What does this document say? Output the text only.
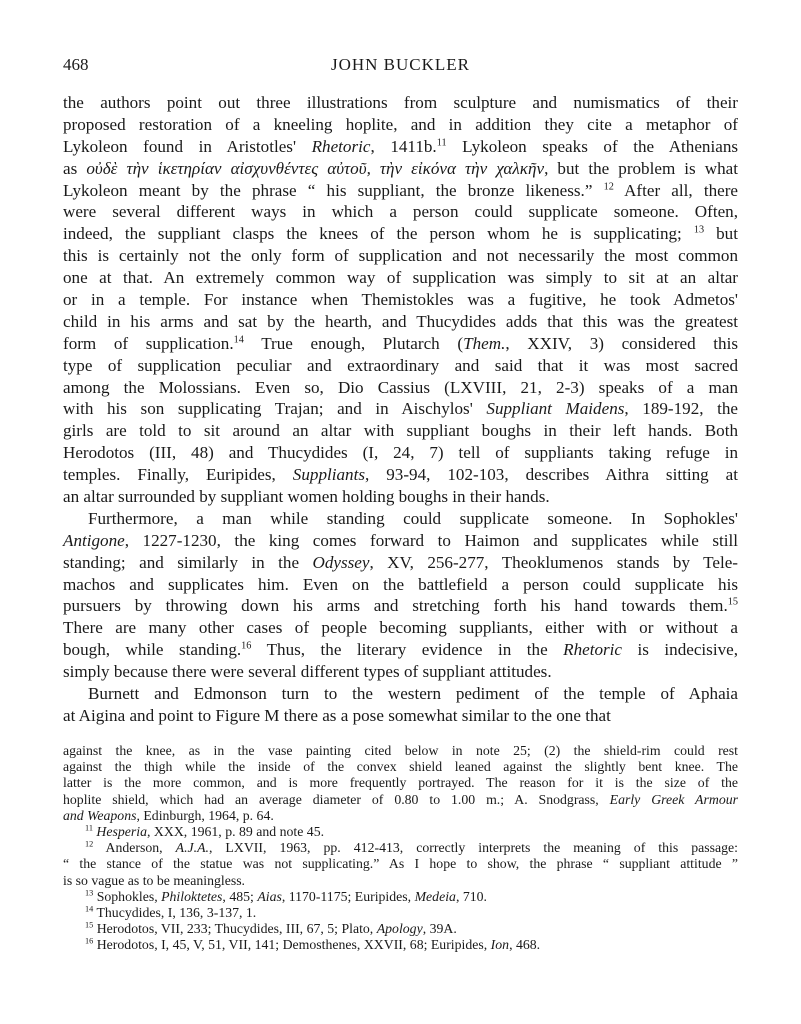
468	JOHN BUCKLER
the authors point out three illustrations from sculpture and numismatics of their
proposed restoration of a kneeling hoplite, and in addition they cite a metaphor of
Lykoleon found in Aristotles' Rhetoric, 1411b.$^{11}$ Lykoleon speaks of the Athenians
as οὐδὲ τὴν ἱκετηρίαν αἰσχυνθέντες αὐτοῦ, τὴν εἰκόνα τὴν χαλκῆν, but the problem is what
Lykoleon meant by the phrase “ his suppliant, the bronze likeness.” $^{12}$ After all, there
were several different ways in which a person could supplicate someone. Often,
indeed, the suppliant clasps the knees of the person whom he is supplicating; $^{13}$ but
this is certainly not the only form of supplication and not necessarily the most common
one at that. An extremely common way of supplication was simply to sit at an altar
or in a temple. For instance when Themistokles was a fugitive, he took Admetos'
child in his arms and sat by the hearth, and Thucydides adds that this was the greatest
form of supplication.$^{14}$ True enough, Plutarch (Them., XXIV, 3) considered this
type of supplication peculiar and extraordinary and said that it was most sacred
among the Molossians. Even so, Dio Cassius (LXVIII, 21, 2-3) speaks of a man
with his son supplicating Trajan; and in Aischylos' Suppliant Maidens, 189-192, the
girls are told to sit around an altar with suppliant boughs in their left hands. Both
Herodotos (III, 48) and Thucydides (I, 24, 7) tell of suppliants taking refuge in
temples. Finally, Euripides, Suppliants, 93-94, 102-103, describes Aithra sitting at
an altar surrounded by suppliant women holding boughs in their hands.
Furthermore, a man while standing could supplicate someone. In Sophokles'
Antigone, 1227-1230, the king comes forward to Haimon and supplicates while still
standing; and similarly in the Odyssey, XV, 256-277, Theoklumenos stands by Tele-
machos and supplicates him. Even on the battlefield a person could supplicate his
pursuers by throwing down his arms and stretching forth his hand towards them.$^{15}$
There are many other cases of people becoming suppliants, either with or without a
bough, while standing.$^{16}$ Thus, the literary evidence in the Rhetoric is indecisive,
simply because there were several different types of suppliant attitudes.
Burnett and Edmonson turn to the western pediment of the temple of Aphaia
at Aigina and point to Figure M there as a pose somewhat similar to the one that
against the knee, as in the vase painting cited below in note 25; (2) the shield-rim could rest
against the thigh while the inside of the convex shield leaned against the slightly bent knee. The
latter is the more common, and is more frequently portrayed. The reason for it is the size of the
hoplite shield, which had an average diameter of 0.80 to 1.00 m.; A. Snodgrass, Early Greek Armour
and Weapons, Edinburgh, 1964, p. 64.
$^{11}$ Hesperia, XXX, 1961, p. 89 and note 45.
$^{12}$ Anderson, A.J.A., LXVII, 1963, pp. 412-413, correctly interprets the meaning of this passage:
“ the stance of the statue was not supplicating.” As I hope to show, the phrase “ suppliant attitude ”
is so vague as to be meaningless.
$^{13}$ Sophokles, Philoktetes, 485; Aias, 1170-1175; Euripides, Medeia, 710.
$^{14}$ Thucydides, I, 136, 3-137, 1.
$^{15}$ Herodotos, VII, 233; Thucydides, III, 67, 5; Plato, Apology, 39A.
$^{16}$ Herodotos, I, 45, V, 51, VII, 141; Demosthenes, XXVII, 68; Euripides, Ion, 468.
